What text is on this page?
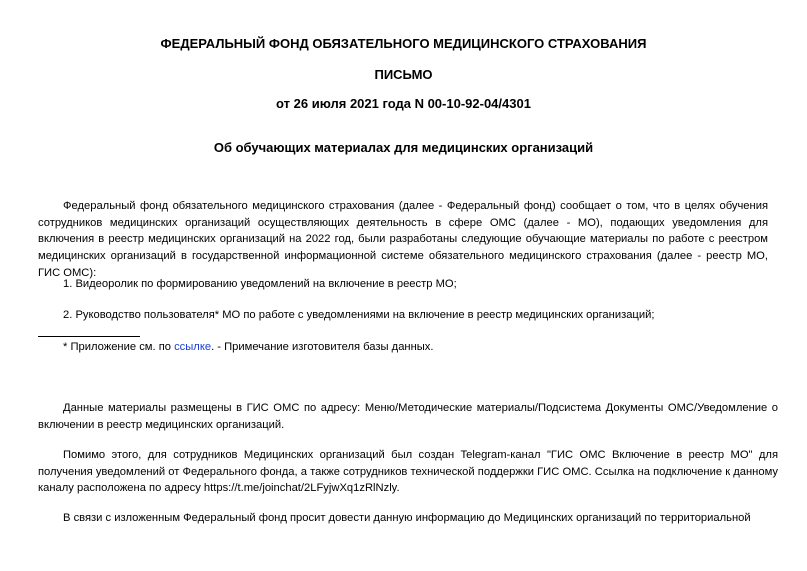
ФЕДЕРАЛЬНЫЙ ФОНД ОБЯЗАТЕЛЬНОГО МЕДИЦИНСКОГО СТРАХОВАНИЯ
ПИСЬМО
от 26 июля 2021 года N 00-10-92-04/4301
Об обучающих материалах для медицинских организаций
Федеральный фонд обязательного медицинского страхования (далее - Федеральный фонд) сообщает о том, что в целях обучения сотрудников медицинских организаций осуществляющих деятельность в сфере ОМС (далее - МО), подающих уведомления для включения в реестр медицинских организаций на 2022 год, были разработаны следующие обучающие материалы по работе с реестром медицинских организаций в государственной информационной системе обязательного медицинского страхования (далее - реестр МО, ГИС ОМС):
1. Видеоролик по формированию уведомлений на включение в реестр МО;
2. Руководство пользователя* МО по работе с уведомлениями на включение в реестр медицинских организаций;
* Приложение см. по ссылке. - Примечание изготовителя базы данных.
Данные материалы размещены в ГИС ОМС по адресу: Меню/Методические материалы/Подсистема Документы ОМС/Уведомление о включении в реестр медицинских организаций.
Помимо этого, для сотрудников Медицинских организаций был создан Telegram-канал "ГИС ОМС Включение в реестр МО" для получения уведомлений от Федерального фонда, а также сотрудников технической поддержки ГИС ОМС. Ссылка на подключение к данному каналу расположена по адресу https://t.me/joinchat/2LFyjwXq1zRlNzly.
В связи с изложенным Федеральный фонд просит довести данную информацию до Медицинских организаций по территориальной
